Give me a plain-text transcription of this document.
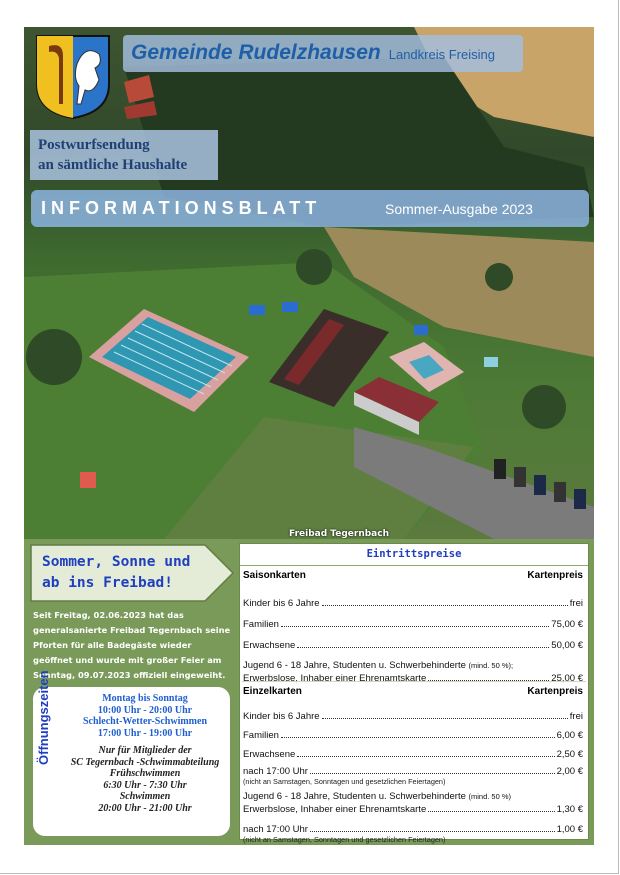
Freibad Tegernbach
Gemeinde Rudelzhausen Landkreis Freising
Postwurfsendung
an sämtliche Haushalte
INFORMATIONSBLATT	Sommer-Ausgabe 2023
Sommer, Sonne und
ab ins Freibad!
Seit Freitag, 02.06.2023 hat das generalsanierte Freibad Tegernbach seine Pforten für alle Badegäste wieder geöffnet und wurde mit großer Feier am Sonntag, 09.07.2023 offiziell eingeweiht.
Öffnungszeiten	Montag bis Sonntag
10:00 Uhr - 20:00 Uhr
Schlecht-Wetter-Schwimmen
17:00 Uhr - 19:00 Uhr
Nur für Mitglieder der
SC Tegernbach -Schwimmabteilung
Frühschwimmen
6:30 Uhr - 7:30 Uhr
Schwimmen
20:00 Uhr - 21:00 Uhr
Eintrittspreise
Saisonkarten	Kartenpreis
Kinder bis 6 Jahre	frei
Familien	75,00 €
Erwachsene	50,00 €
Jugend 6 - 18 Jahre, Studenten u. Schwerbehinderte (mind. 50 %);
Erwerbslose, Inhaber einer Ehrenamtskarte	25,00 €
Einzelkarten	Kartenpreis
Kinder bis 6 Jahre	frei
Familien	6,00 €
Erwachsene	2,50 €
nach 17:00 Uhr	2,00 €
(nicht an Samstagen, Sonntagen und gesetzlichen Feiertagen)
Jugend 6 - 18 Jahre, Studenten u. Schwerbehinderte (mind. 50 %)
Erwerbslose, Inhaber einer Ehrenamtskarte	1,30 €
nach 17:00 Uhr	1,00 €
(nicht an Samstagen, Sonntagen und gesetzlichen Feiertagen)
